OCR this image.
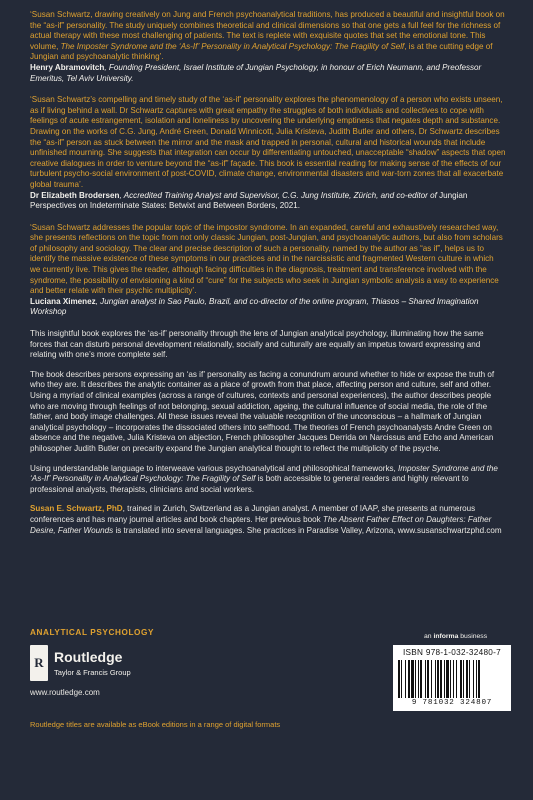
‘Susan Schwartz, drawing creatively on Jung and French psychoanalytical traditions, has produced a beautiful and insightful book on the “as-if” personality. The study uniquely combines theoretical and clinical dimensions so that one gets a full feel for the richness of actual therapy with these most challenging of patients. The text is replete with exquisite quotes that set the emotional tone. This volume, The Imposter Syndrome and the ‘As-If’ Personality in Analytical Psychology: The Fragility of Self, is at the cutting edge of Jungian and psychoanalytic thinking’.
Henry Abramovitch, Founding President, Israel Institute of Jungian Psychology, in honour of Erich Neumann, and Preofessor Emeritus, Tel Aviv University.

‘Susan Schwartz’s compelling and timely study of the ‘as-if’ personality explores the phenomenology of a person who exists unseen, as if living behind a wall. Dr Schwartz captures with great empathy the struggles of both individuals and collectives to cope with feelings of acute estrangement, isolation and loneliness by uncovering the underlying emptiness that negates depth and substance. Drawing on the works of C.G. Jung, André Green, Donald Winnicott, Julia Kristeva, Judith Butler and others, Dr Schwartz describes the “as-if” person as stuck between the mirror and the mask and trapped in personal, cultural and historical wounds that include unfinished mourning. She suggests that integration can occur by differentiating untouched, unacceptable “shadow” aspects that open creative dialogues in order to venture beyond the “as-if” façade. This book is essential reading for making sense of the effects of our turbulent psycho-social environment of post-COVID, climate change, environmental disasters and war-torn zones that all exacerbate global trauma’.
Dr Elizabeth Brodersen, Accredited Training Analyst and Supervisor, C.G. Jung Institute, Zürich, and co-editor of Jungian Perspectives on Indeterminate States: Betwixt and Between Borders, 2021.

‘Susan Schwartz addresses the popular topic of the impostor syndrome. In an expanded, careful and exhaustively researched way, she presents reflections on the topic from not only classic Jungian, post-Jungian, and psychoanalytic authors, but also from scholars of philosophy and sociology. The clear and precise description of such a personality, named by the author as “as if”, helps us to identify the massive existence of these symptoms in our practices and in the narcissistic and fragmented Western culture in which we currently live. This gives the reader, although facing difficulties in the diagnosis, treatment and transference involved with the syndrome, the possibility of envisioning a kind of “cure” for the subjects who seek in Jungian symbolic analysis a way to experience and better relate with their psychic multiplicity’.
Luciana Ximenez, Jungian analyst in Sao Paulo, Brazil, and co-director of the online program, Thiasos – Shared Imagination Workshop

This insightful book explores the ‘as-if’ personality through the lens of Jungian analytical psychology, illuminating how the same forces that can disturb personal development relationally, socially and culturally are equally an impetus toward expressing and relating with one’s more complete self.

The book describes persons expressing an ‘as if’ personality as facing a conundrum around whether to hide or expose the truth of who they are. It describes the analytic container as a place of growth from that place, affecting person and culture, self and other. Using a myriad of clinical examples (across a range of cultures, contexts and personal experiences), the author describes people who are moving through feelings of not belonging, sexual addiction, ageing, the cultural influence of social media, the role of the father, and body image challenges. All these issues reveal the valuable recognition of the unconscious – a hallmark of Jungian analytical psychology – incorporates the dissociated others into selfhood. The theories of French psychoanalysts Andre Green on absence and the negative, Julia Kristeva on abjection, French philosopher Jacques Derrida on Narcissus and Echo and American philosopher Judith Butler on precarity expand the Jungian analytical thought to reflect the multiplicity of the psyche.

Using understandable language to interweave various psychoanalytical and philosophical frameworks, Imposter Syndrome and the ‘As-If’ Personality in Analytical Psychology: The Fragility of Self is both accessible to general readers and highly relevant to professional analysts, therapists, clinicians and social workers.

Susan E. Schwartz, PhD, trained in Zurich, Switzerland as a Jungian analyst. A member of IAAP, she presents at numerous conferences and has many journal articles and book chapters. Her previous book The Absent Father Effect on Daughters: Father Desire, Father Wounds is translated into several languages. She practices in Paradise Valley, Arizona, www.susanschwartzphd.com

ANALYTICAL PSYCHOLOGY	an informa business
R Routledge
Taylor & Francis Group
www.routledge.com
Routledge titles are available as eBook editions in a range of digital formats
ISBN 978-1-032-32480-7
9 781032 324807
